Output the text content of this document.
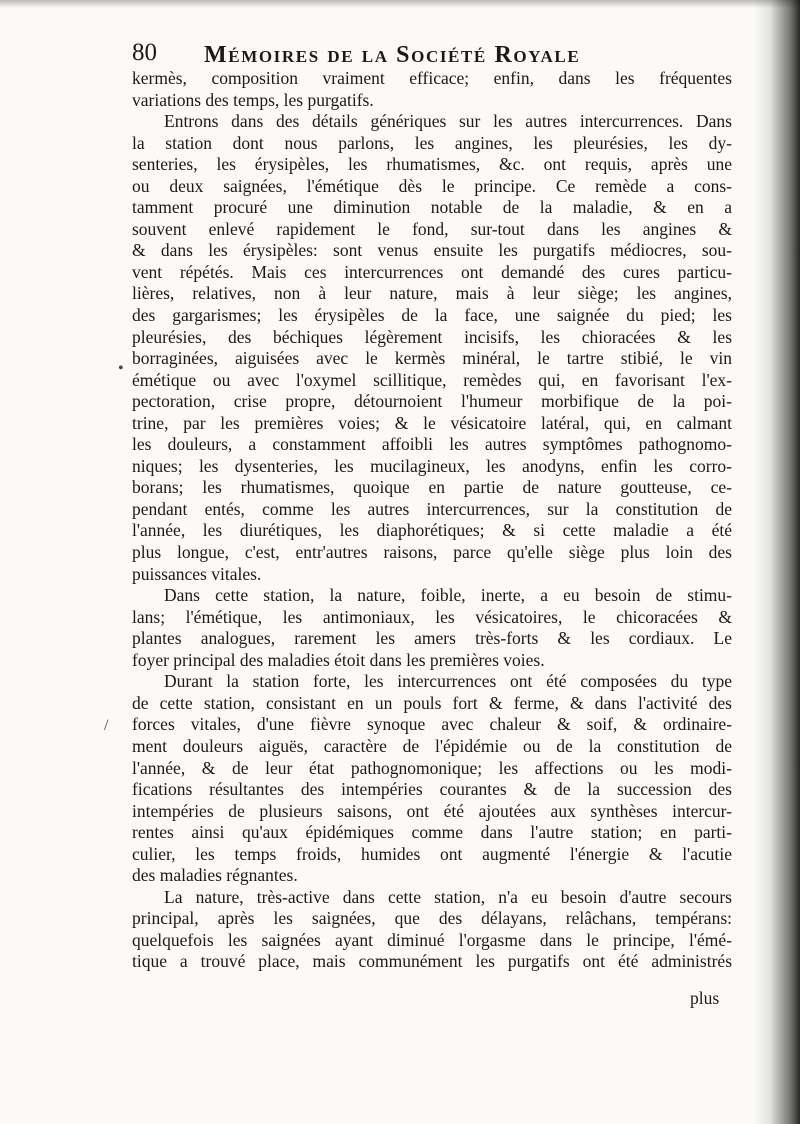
80 Mémoires de la Société Royale
kermès, composition vraiment efficace; enfin, dans les fréquentes
variations des temps, les purgatifs.
Entrons dans des détails génériques sur les autres intercurrences. Dans
la station dont nous parlons, les angines, les pleurésies, les dy-
senteries, les érysipèles, les rhumatismes, &c. ont requis, après une
ou deux saignées, l'émétique dès le principe. Ce remède a cons-
tamment procuré une diminution notable de la maladie, & en a
souvent enlevé rapidement le fond, sur-tout dans les angines &
& dans les érysipèles: sont venus ensuite les purgatifs médiocres, sou-
vent répétés. Mais ces intercurrences ont demandé des cures particu-
lières, relatives, non à leur nature, mais à leur siège; les angines,
des gargarismes; les érysipèles de la face, une saignée du pied; les
pleurésies, des béchiques légèrement incisifs, les chioracées & les
borraginées, aiguisées avec le kermès minéral, le tartre stibié, le vin
émétique ou avec l'oxymel scillitique, remèdes qui, en favorisant l'ex-
pectoration, crise propre, détournoient l'humeur morbifique de la poi-
trine, par les premières voies; & le vésicatoire latéral, qui, en calmant
les douleurs, a constamment affoibli les autres symptômes pathognomo-
niques; les dysenteries, les mucilagineux, les anodyns, enfin les corro-
borans; les rhumatismes, quoique en partie de nature goutteuse, ce-
pendant entés, comme les autres intercurrences, sur la constitution de
l'année, les diurétiques, les diaphorétiques; & si cette maladie a été
plus longue, c'est, entr'autres raisons, parce qu'elle siège plus loin des
puissances vitales.
Dans cette station, la nature, foible, inerte, a eu besoin de stimu-
lans; l'émétique, les antimoniaux, les vésicatoires, le chicoracées &
plantes analogues, rarement les amers très-forts & les cordiaux. Le
foyer principal des maladies étoit dans les premières voies.
Durant la station forte, les intercurrences ont été composées du type
de cette station, consistant en un pouls fort & ferme, & dans l'activité des
forces vitales, d'une fièvre synoque avec chaleur & soif, & ordinaire-
ment douleurs aiguës, caractère de l'épidémie ou de la constitution de
l'année, & de leur état pathognomonique; les affections ou les modi-
fications résultantes des intempéries courantes & de la succession des
intempéries de plusieurs saisons, ont été ajoutées aux synthèses intercur-
rentes ainsi qu'aux épidémiques comme dans l'autre station; en parti-
culier, les temps froids, humides ont augmenté l'énergie & l'acutie
des maladies régnantes.
La nature, très-active dans cette station, n'a eu besoin d'autre secours
principal, après les saignées, que des délayans, relâchans, tempérans:
quelquefois les saignées ayant diminué l'orgasme dans le principe, l'émé-
tique a trouvé place, mais communément les purgatifs ont été administrés
•
/
plus
